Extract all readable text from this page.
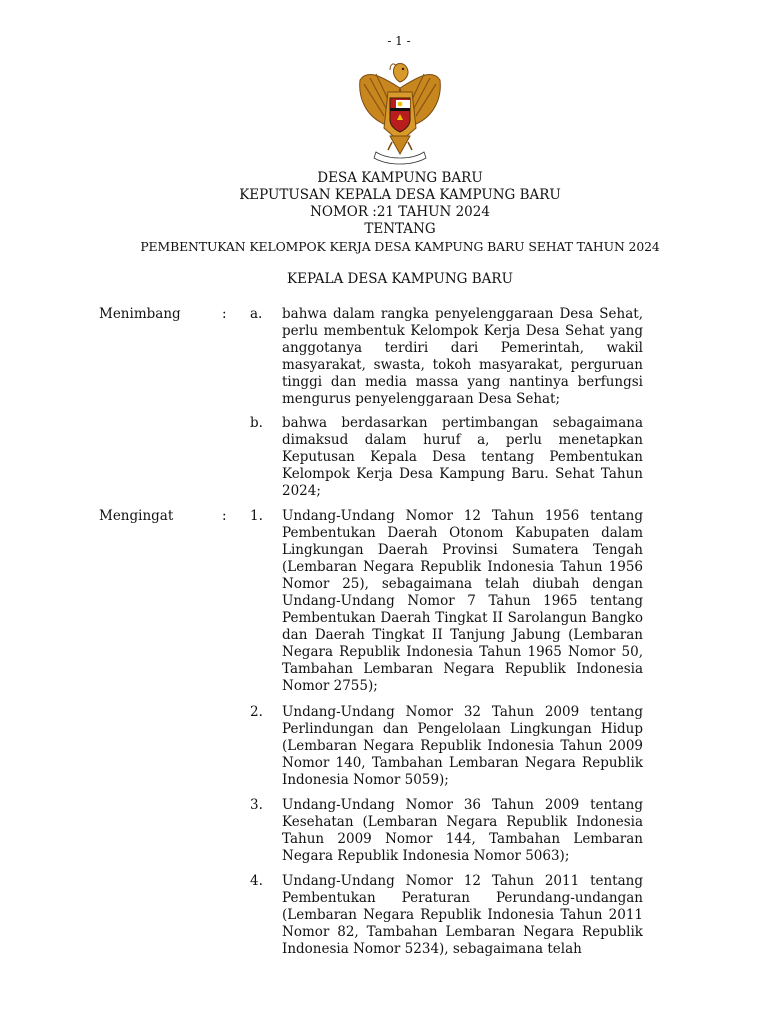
- 1 -
DESA KAMPUNG BARU
KEPUTUSAN KEPALA DESA KAMPUNG BARU
NOMOR :21 TAHUN 2024
TENTANG
PEMBENTUKAN KELOMPOK KERJA DESA KAMPUNG BARU SEHAT TAHUN 2024
KEPALA DESA KAMPUNG BARU
Menimbang	: a. bahwa dalam rangka penyelenggaraan Desa Sehat, perlu membentuk Kelompok Kerja Desa Sehat yang anggotanya terdiri dari Pemerintah, wakil masyarakat, swasta, tokoh masyarakat, perguruan tinggi dan media massa yang nantinya berfungsi mengurus penyelenggaraan Desa Sehat;
b. bahwa berdasarkan pertimbangan sebagaimana dimaksud dalam huruf a, perlu menetapkan Keputusan Kepala Desa tentang Pembentukan Kelompok Kerja Desa Kampung Baru. Sehat Tahun 2024;
Mengingat	: 1. Undang-Undang Nomor 12 Tahun 1956 tentang Pembentukan Daerah Otonom Kabupaten dalam Lingkungan Daerah Provinsi Sumatera Tengah (Lembaran Negara Republik Indonesia Tahun 1956 Nomor 25), sebagaimana telah diubah dengan Undang-Undang Nomor 7 Tahun 1965 tentang Pembentukan Daerah Tingkat II Sarolangun Bangko dan Daerah Tingkat II Tanjung Jabung (Lembaran Negara Republik Indonesia Tahun 1965 Nomor 50, Tambahan Lembaran Negara Republik Indonesia Nomor 2755);
2. Undang-Undang Nomor 32 Tahun 2009 tentang Perlindungan dan Pengelolaan Lingkungan Hidup (Lembaran Negara Republik Indonesia Tahun 2009 Nomor 140, Tambahan Lembaran Negara Republik Indonesia Nomor 5059);
3. Undang-Undang Nomor 36 Tahun 2009 tentang Kesehatan (Lembaran Negara Republik Indonesia Tahun 2009 Nomor 144, Tambahan Lembaran Negara Republik Indonesia Nomor 5063);
4. Undang-Undang Nomor 12 Tahun 2011 tentang Pembentukan Peraturan Perundang-undangan (Lembaran Negara Republik Indonesia Tahun 2011 Nomor 82, Tambahan Lembaran Negara Republik Indonesia Nomor 5234), sebagaimana telah
